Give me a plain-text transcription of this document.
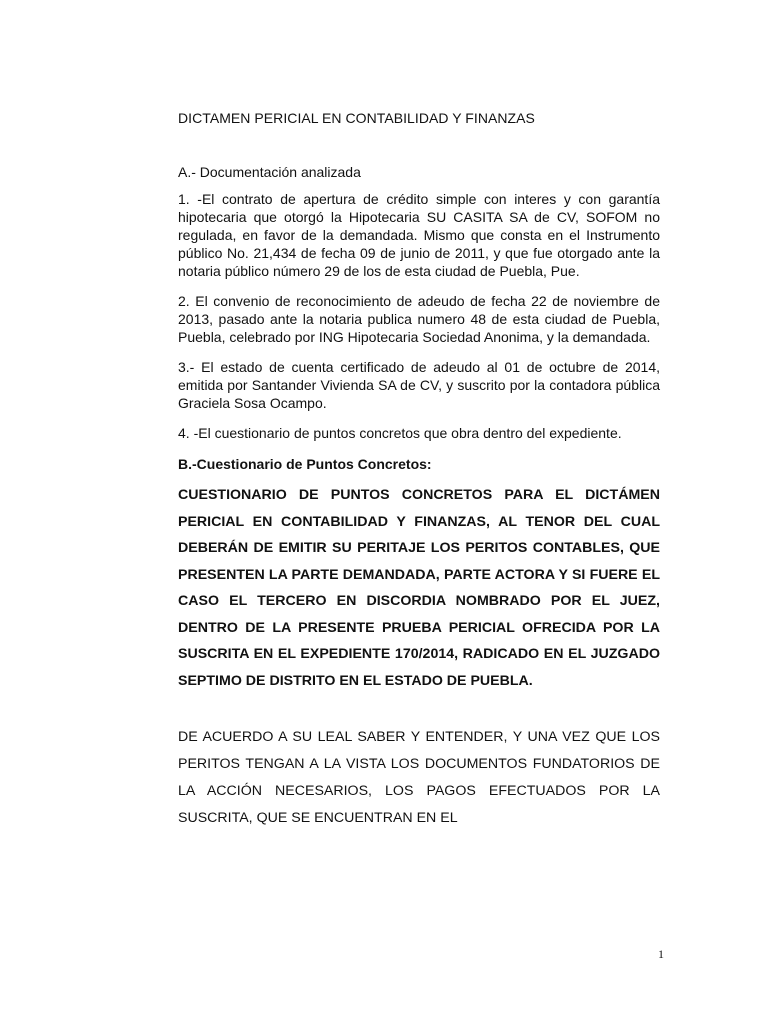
DICTAMEN PERICIAL EN CONTABILIDAD Y FINANZAS

A.- Documentación analizada

1. -El contrato de apertura de crédito simple con interes y con garantía hipotecaria que otorgó la Hipotecaria SU CASITA SA de CV, SOFOM no regulada, en favor de la demandada. Mismo que consta en el Instrumento público No. 21,434 de fecha 09 de junio de 2011, y que fue otorgado ante la notaria público número 29 de los de esta ciudad de Puebla, Pue.

2. El convenio de reconocimiento de adeudo de fecha 22 de noviembre de 2013, pasado ante la notaria publica numero 48 de esta ciudad de Puebla, Puebla, celebrado por ING Hipotecaria Sociedad Anonima, y la demandada.

3.- El estado de cuenta certificado de adeudo al 01 de octubre de 2014, emitida por Santander Vivienda SA de CV, y suscrito por la contadora pública Graciela Sosa Ocampo.

4. -El cuestionario de puntos concretos que obra dentro del expediente.

B.-Cuestionario de Puntos Concretos:

CUESTIONARIO DE PUNTOS CONCRETOS PARA EL DICTÁMEN PERICIAL EN CONTABILIDAD Y FINANZAS, AL TENOR DEL CUAL DEBERÁN DE EMITIR SU PERITAJE LOS PERITOS CONTABLES, QUE PRESENTEN LA PARTE DEMANDADA, PARTE ACTORA Y SI FUERE EL CASO EL TERCERO EN DISCORDIA NOMBRADO POR EL JUEZ, DENTRO DE LA PRESENTE PRUEBA PERICIAL OFRECIDA POR LA SUSCRITA EN EL EXPEDIENTE 170/2014, RADICADO EN EL JUZGADO SEPTIMO DE DISTRITO EN EL ESTADO DE PUEBLA.

DE ACUERDO A SU LEAL SABER Y ENTENDER, Y UNA VEZ QUE LOS PERITOS TENGAN A LA VISTA LOS DOCUMENTOS FUNDATORIOS DE LA ACCIÓN NECESARIOS, LOS PAGOS EFECTUADOS POR LA SUSCRITA, QUE SE ENCUENTRAN EN EL

1
